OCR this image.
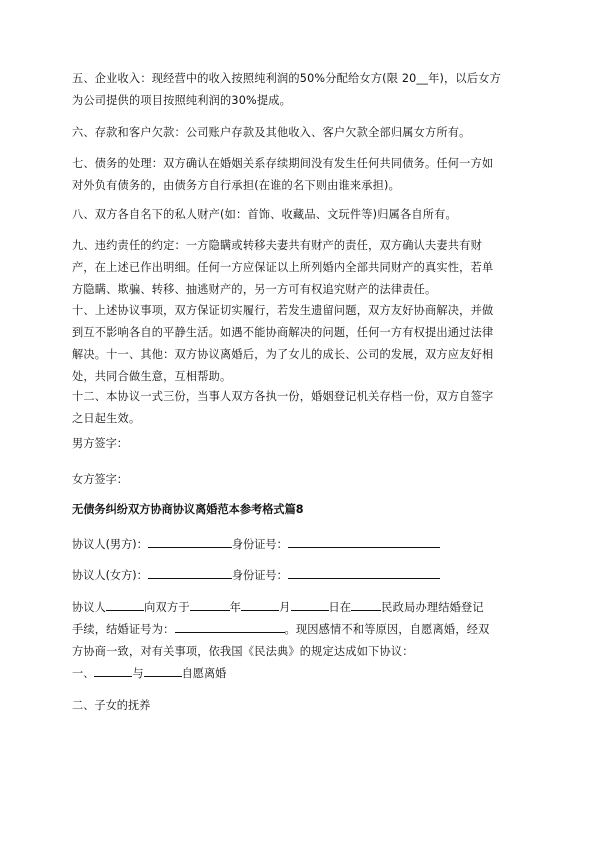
五、企业收入：现经营中的收入按照纯利润的50%分配给女方(限 20__年)，以后女方
为公司提供的项目按照纯利润的30%提成。

六、存款和客户欠款：公司账户存款及其他收入、客户欠款全部归属女方所有。

七、债务的处理：双方确认在婚姻关系存续期间没有发生任何共同债务。任何一方如
对外负有债务的，由债务方自行承担(在谁的名下则由谁来承担)。

八、双方各自名下的私人财产(如：首饰、收藏品、文玩件等)归属各自所有。

九、违约责任的约定：一方隐瞒或转移夫妻共有财产的责任，双方确认夫妻共有财
产，在上述已作出明细。任何一方应保证以上所列婚内全部共同财产的真实性，若单
方隐瞒、欺骗、转移、抽逃财产的，另一方可有权追究财产的法律责任。

十、上述协议事项，双方保证切实履行，若发生遗留问题，双方友好协商解决，并做
到互不影响各自的平静生活。如遇不能协商解决的问题，任何一方有权提出通过法律
解决。十一、其他：双方协议离婚后，为了女儿的成长、公司的发展，双方应友好相
处，共同合做生意，互相帮助。

十二、本协议一式三份，当事人双方各执一份，婚姻登记机关存档一份，双方自签字
之日起生效。

男方签字：
女方签字：
无债务纠纷双方协商协议离婚范本参考格式篇8
协议人(男方)：	身份证号：
协议人(女方)：	身份证号：

协议人	向双方于	年	月	日在	民政局办理结婚登记
手续，结婚证号为：	。现因感情不和等原因，自愿离婚，经双
方协商一致，对有关事项，依我国《民法典》的规定达成如下协议：

一、	与	自愿离婚
二、子女的抚养
